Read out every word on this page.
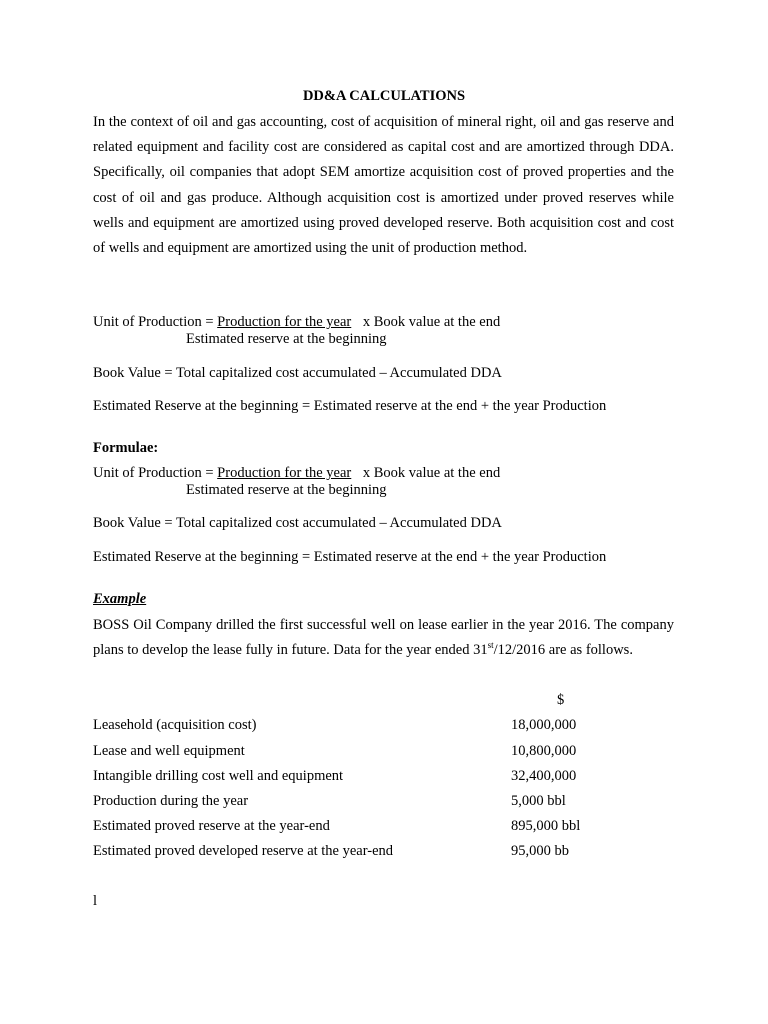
DD&A CALCULATIONS
In the context of oil and gas accounting, cost of acquisition of mineral right, oil and gas reserve and related equipment and facility cost are considered as capital cost and are amortized through DDA. Specifically, oil companies that adopt SEM amortize acquisition cost of proved properties and the cost of oil and gas produce. Although acquisition cost is amortized under proved reserves while wells and equipment are amortized using proved developed reserve. Both acquisition cost and cost of wells and equipment are amortized using the unit of production method.
Unit of Production = Production for the year x Book value at the end
Estimated reserve at the beginning
Book Value = Total capitalized cost accumulated – Accumulated DDA
Estimated Reserve at the beginning = Estimated reserve at the end + the year Production
Formulae:
Unit of Production = Production for the year x Book value at the end
Estimated reserve at the beginning
Book Value = Total capitalized cost accumulated – Accumulated DDA
Estimated Reserve at the beginning = Estimated reserve at the end + the year Production
Example
BOSS Oil Company drilled the first successful well on lease earlier in the year 2016. The company plans to develop the lease fully in future. Data for the year ended 31st/12/2016 are as follows.
$
Leasehold (acquisition cost)	18,000,000
Lease and well equipment	10,800,000
Intangible drilling cost well and equipment	32,400,000
Production during the year	5,000 bbl
Estimated proved reserve at the year-end	895,000 bbl
Estimated proved developed reserve at the year-end	95,000 bb
l
